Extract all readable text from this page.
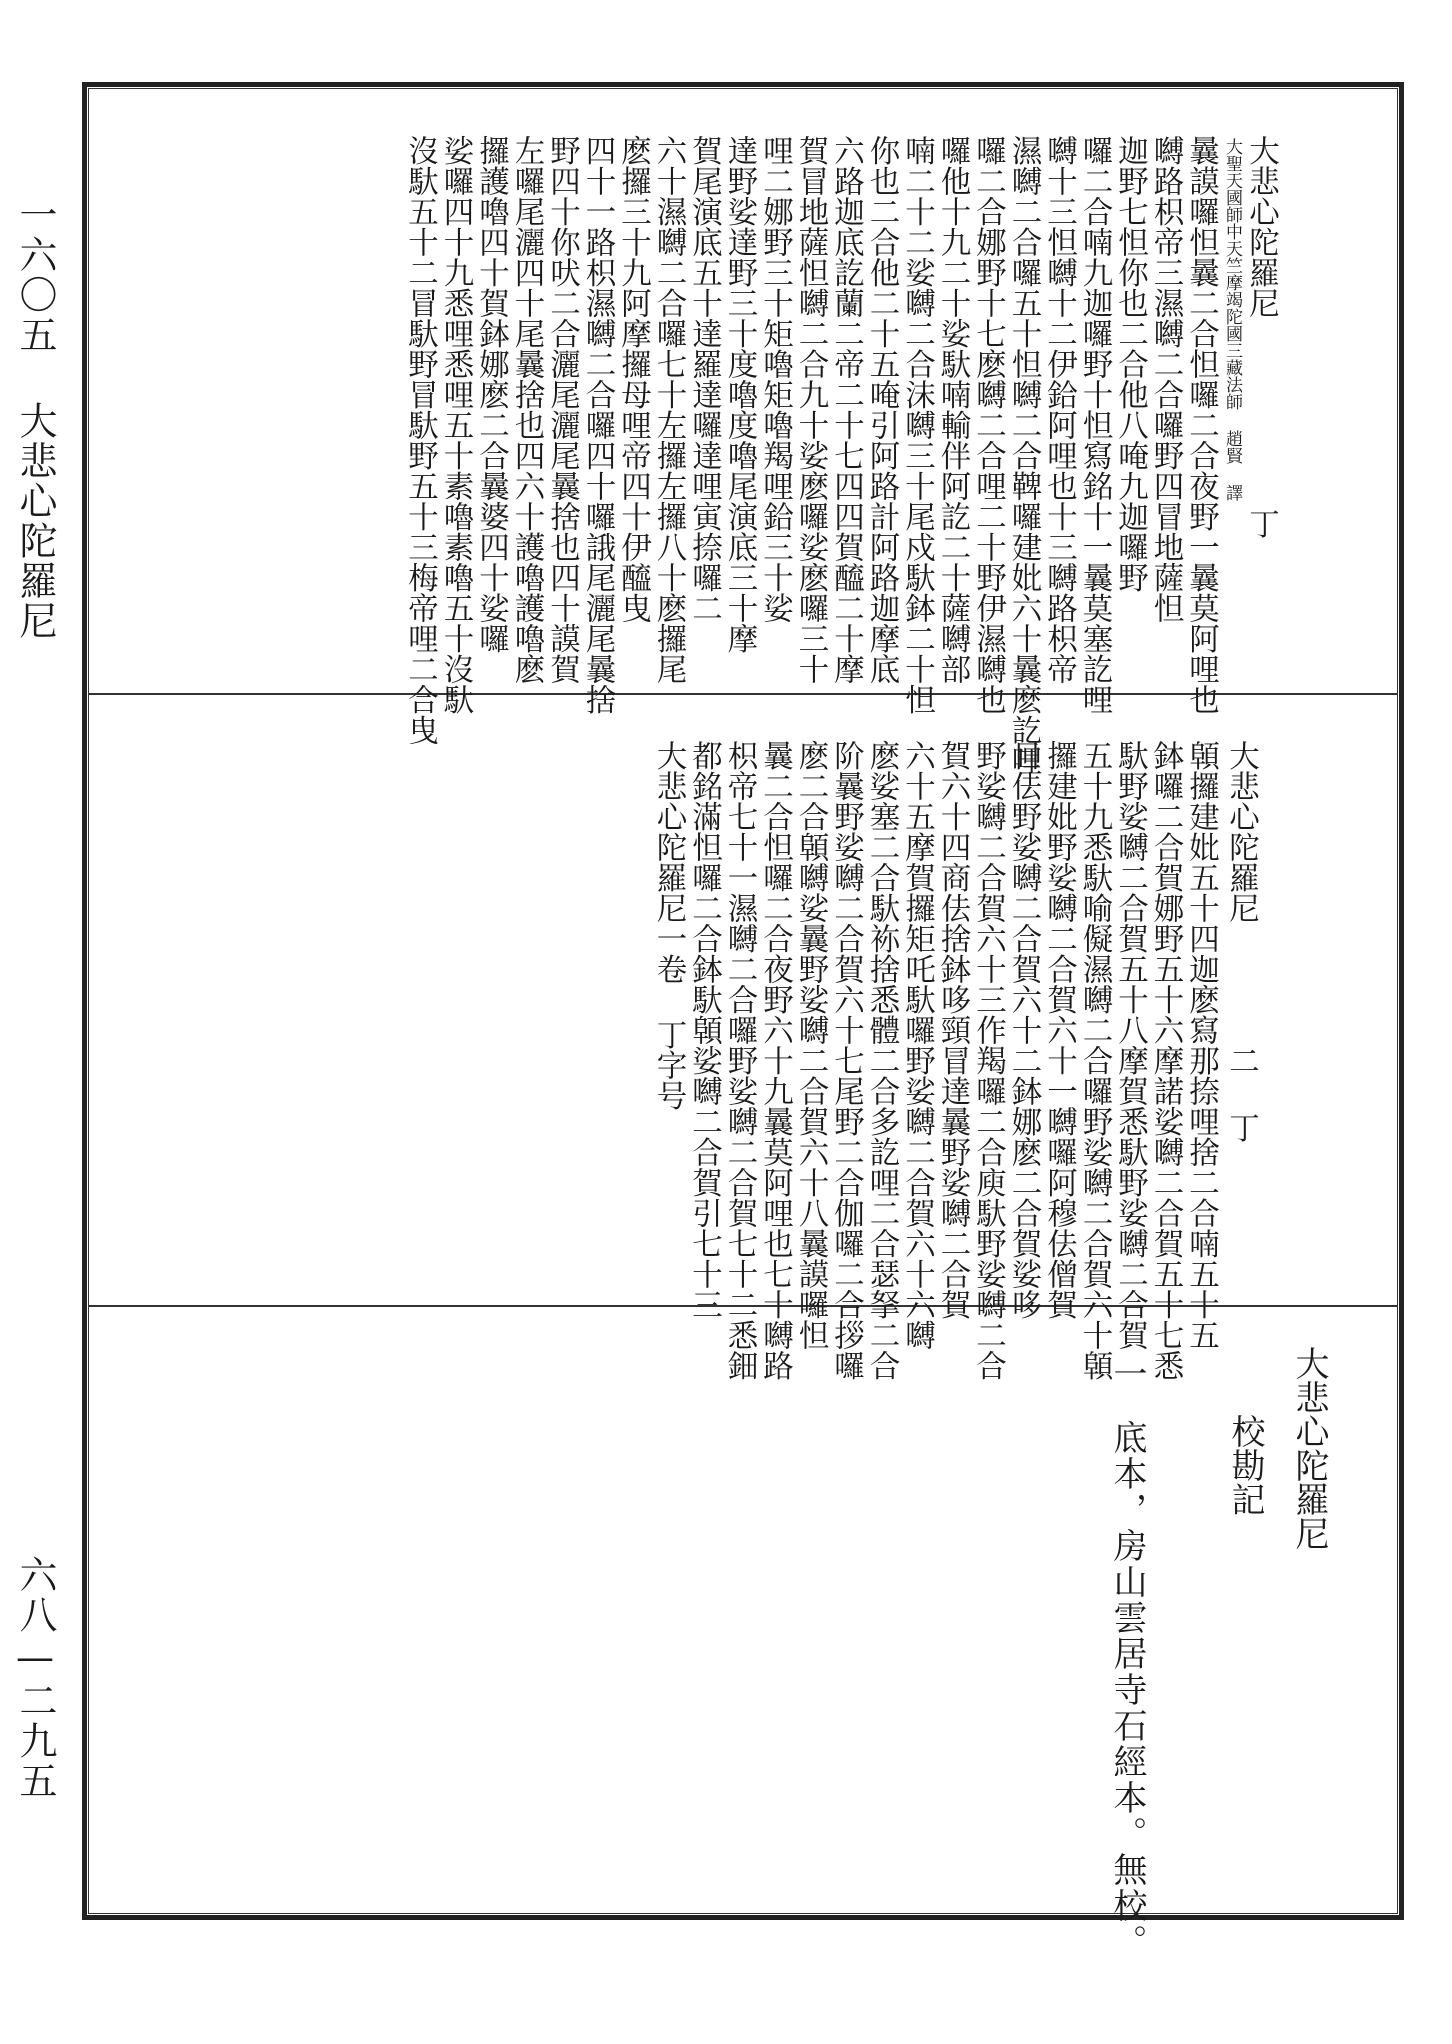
一六〇五 大悲心陀羅尼
六八—二九五
大悲心陀羅尼
大聖天國師中天竺摩竭陀國三藏法師 趙賢 譯
丁
曩謨囉怛曩二合怛囉二合夜野一曩莫阿哩也
嚩路枳帝三濕嚩二合囉野四冒地薩怛
迦野七怛你也二合他八唵九迦囉野
囉二合喃九迦囉野十怛寫銘十一曩莫塞訖哩
嚩十三怛嚩十二伊鉿阿哩也十三嚩路枳帝
濕嚩二合囉五十怛嚩二合鞞囉建妣六十曩麽訖哩
囉二合娜野十七麽嚩二合哩二十野伊濕嚩也
囉他十九二十娑馱喃輸伴阿訖二十薩嚩部
喃二十二娑嚩二合沫嚩三十尾戍馱鉢二十怛
你也二合他二十五唵引阿路計阿路迦摩底
六路迦底訖蘭二帝二十七四四賀醯二十摩
賀冒地薩怛嚩二合九十娑麽囉娑麽囉三十
哩二娜野三十矩嚕矩嚕羯哩鉿三十娑
達野娑達野三十度嚕度嚕尾演底三十摩
賀尾演底五十達羅達囉達哩寅捺囉二
六十濕嚩二合囉七十左攞左攞八十麽攞尾
麽攞三十九阿摩攞母哩帝四十伊醯曳
四十一路枳濕嚩二合囉四十囉誐尾灑尾曩捨
野四十你吠二合灑尾灑尾曩捨也四十謨賀
左囉尾灑四十尾曩捨也四六十護嚕護嚕麽
攞護嚕四十賀鉢娜麽二合曩婆四十娑囉
娑囉四十九悉哩悉哩五十素嚕素嚕五十沒馱
沒馱五十二冒馱野冒馱野五十三梅帝哩二合曳
大悲心陀羅尼
二
丁
顊攞建妣五十四迦麽寫那捺哩捨二合喃五十五
鉢囉二合賀娜野五十六摩諾娑嚩二合賀五十七悉
馱野娑嚩二合賀五十八摩賀悉馱野娑嚩二合賀
五十九悉馱喻儗濕嚩二合囉野娑嚩二合賀六十顊
攞建妣野娑嚩二合賀六十一嚩囉阿穆佉僧賀
目佉野娑嚩二合賀六十二鉢娜麽二合賀娑哆
野娑嚩二合賀六十三作羯囉二合庾馱野娑嚩二合
賀六十四商佉捨鉢哆頸冒達曩野娑嚩二合賀
六十五摩賀攞矩吒馱囉野娑嚩二合賀六十六嚩
麽娑塞二合馱袮捨悉體二合多訖哩二合瑟拏二合
阶曩野娑嚩二合賀六十七尾野二合伽囉二合拶囉
麽二合顊嚩娑曩野娑嚩二合賀六十八曩謨囉怛
曩二合怛囉二合夜野六十九曩莫阿哩也七十嚩路
枳帝七十一濕嚩二合囉野娑嚩二合賀七十二悉鈿
都銘滿怛囉二合鉢馱顊娑嚩二合賀引七十三
大悲心陀羅尼一卷 丁字号
大悲心陀羅尼
校勘記
一
底本，房山雲居寺石經本。無校。
